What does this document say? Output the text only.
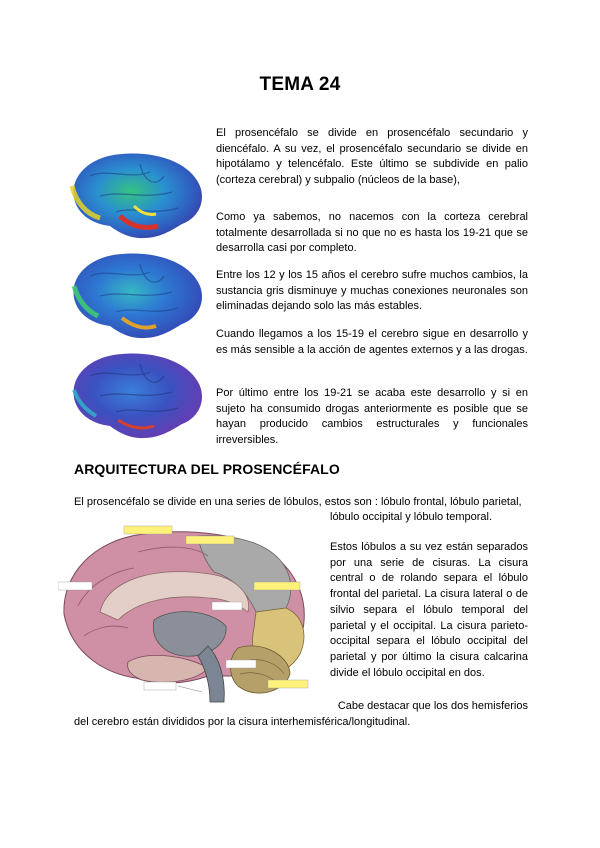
TEMA 24

El prosencéfalo se divide en prosencéfalo secundario y diencéfalo. A su vez, el prosencéfalo secundario se divide en hipotálamo y telencéfalo. Este último se subdivide en palio (corteza cerebral) y subpalio (núcleos de la base),

Como ya sabemos, no nacemos con la corteza cerebral totalmente desarrollada si no que no es hasta los 19-21 que se desarrolla casi por completo.

Entre los 12 y los 15 años el cerebro sufre muchos cambios, la sustancia gris disminuye y muchas conexiones neuronales son eliminadas dejando solo las más estables.

Cuando llegamos a los 15-19 el cerebro sigue en desarrollo y es más sensible a la acción de agentes externos y a las drogas.

Por último entre los 19-21 se acaba este desarrollo y si en sujeto ha consumido drogas anteriormente es posible que se hayan producido cambios estructurales y funcionales irreversibles.

ARQUITECTURA DEL PROSENCÉFALO

El prosencéfalo se divide en una series de lóbulos, estos son : lóbulo frontal, lóbulo parietal,

lóbulo occipital y lóbulo temporal.

Estos lóbulos a su vez están separados por una serie de cisuras. La cisura central o de rolando separa el lóbulo frontal del parietal. La cisura lateral o de silvio separa el lóbulo temporal del parietal y el occipital. La cisura parieto-occipital separa el lóbulo occipital del parietal y por último la cisura calcarina divide el lóbulo occipital en dos.

Cabe destacar que los dos hemisferios

del cerebro están divididos por la cisura interhemisférica/longitudinal.
